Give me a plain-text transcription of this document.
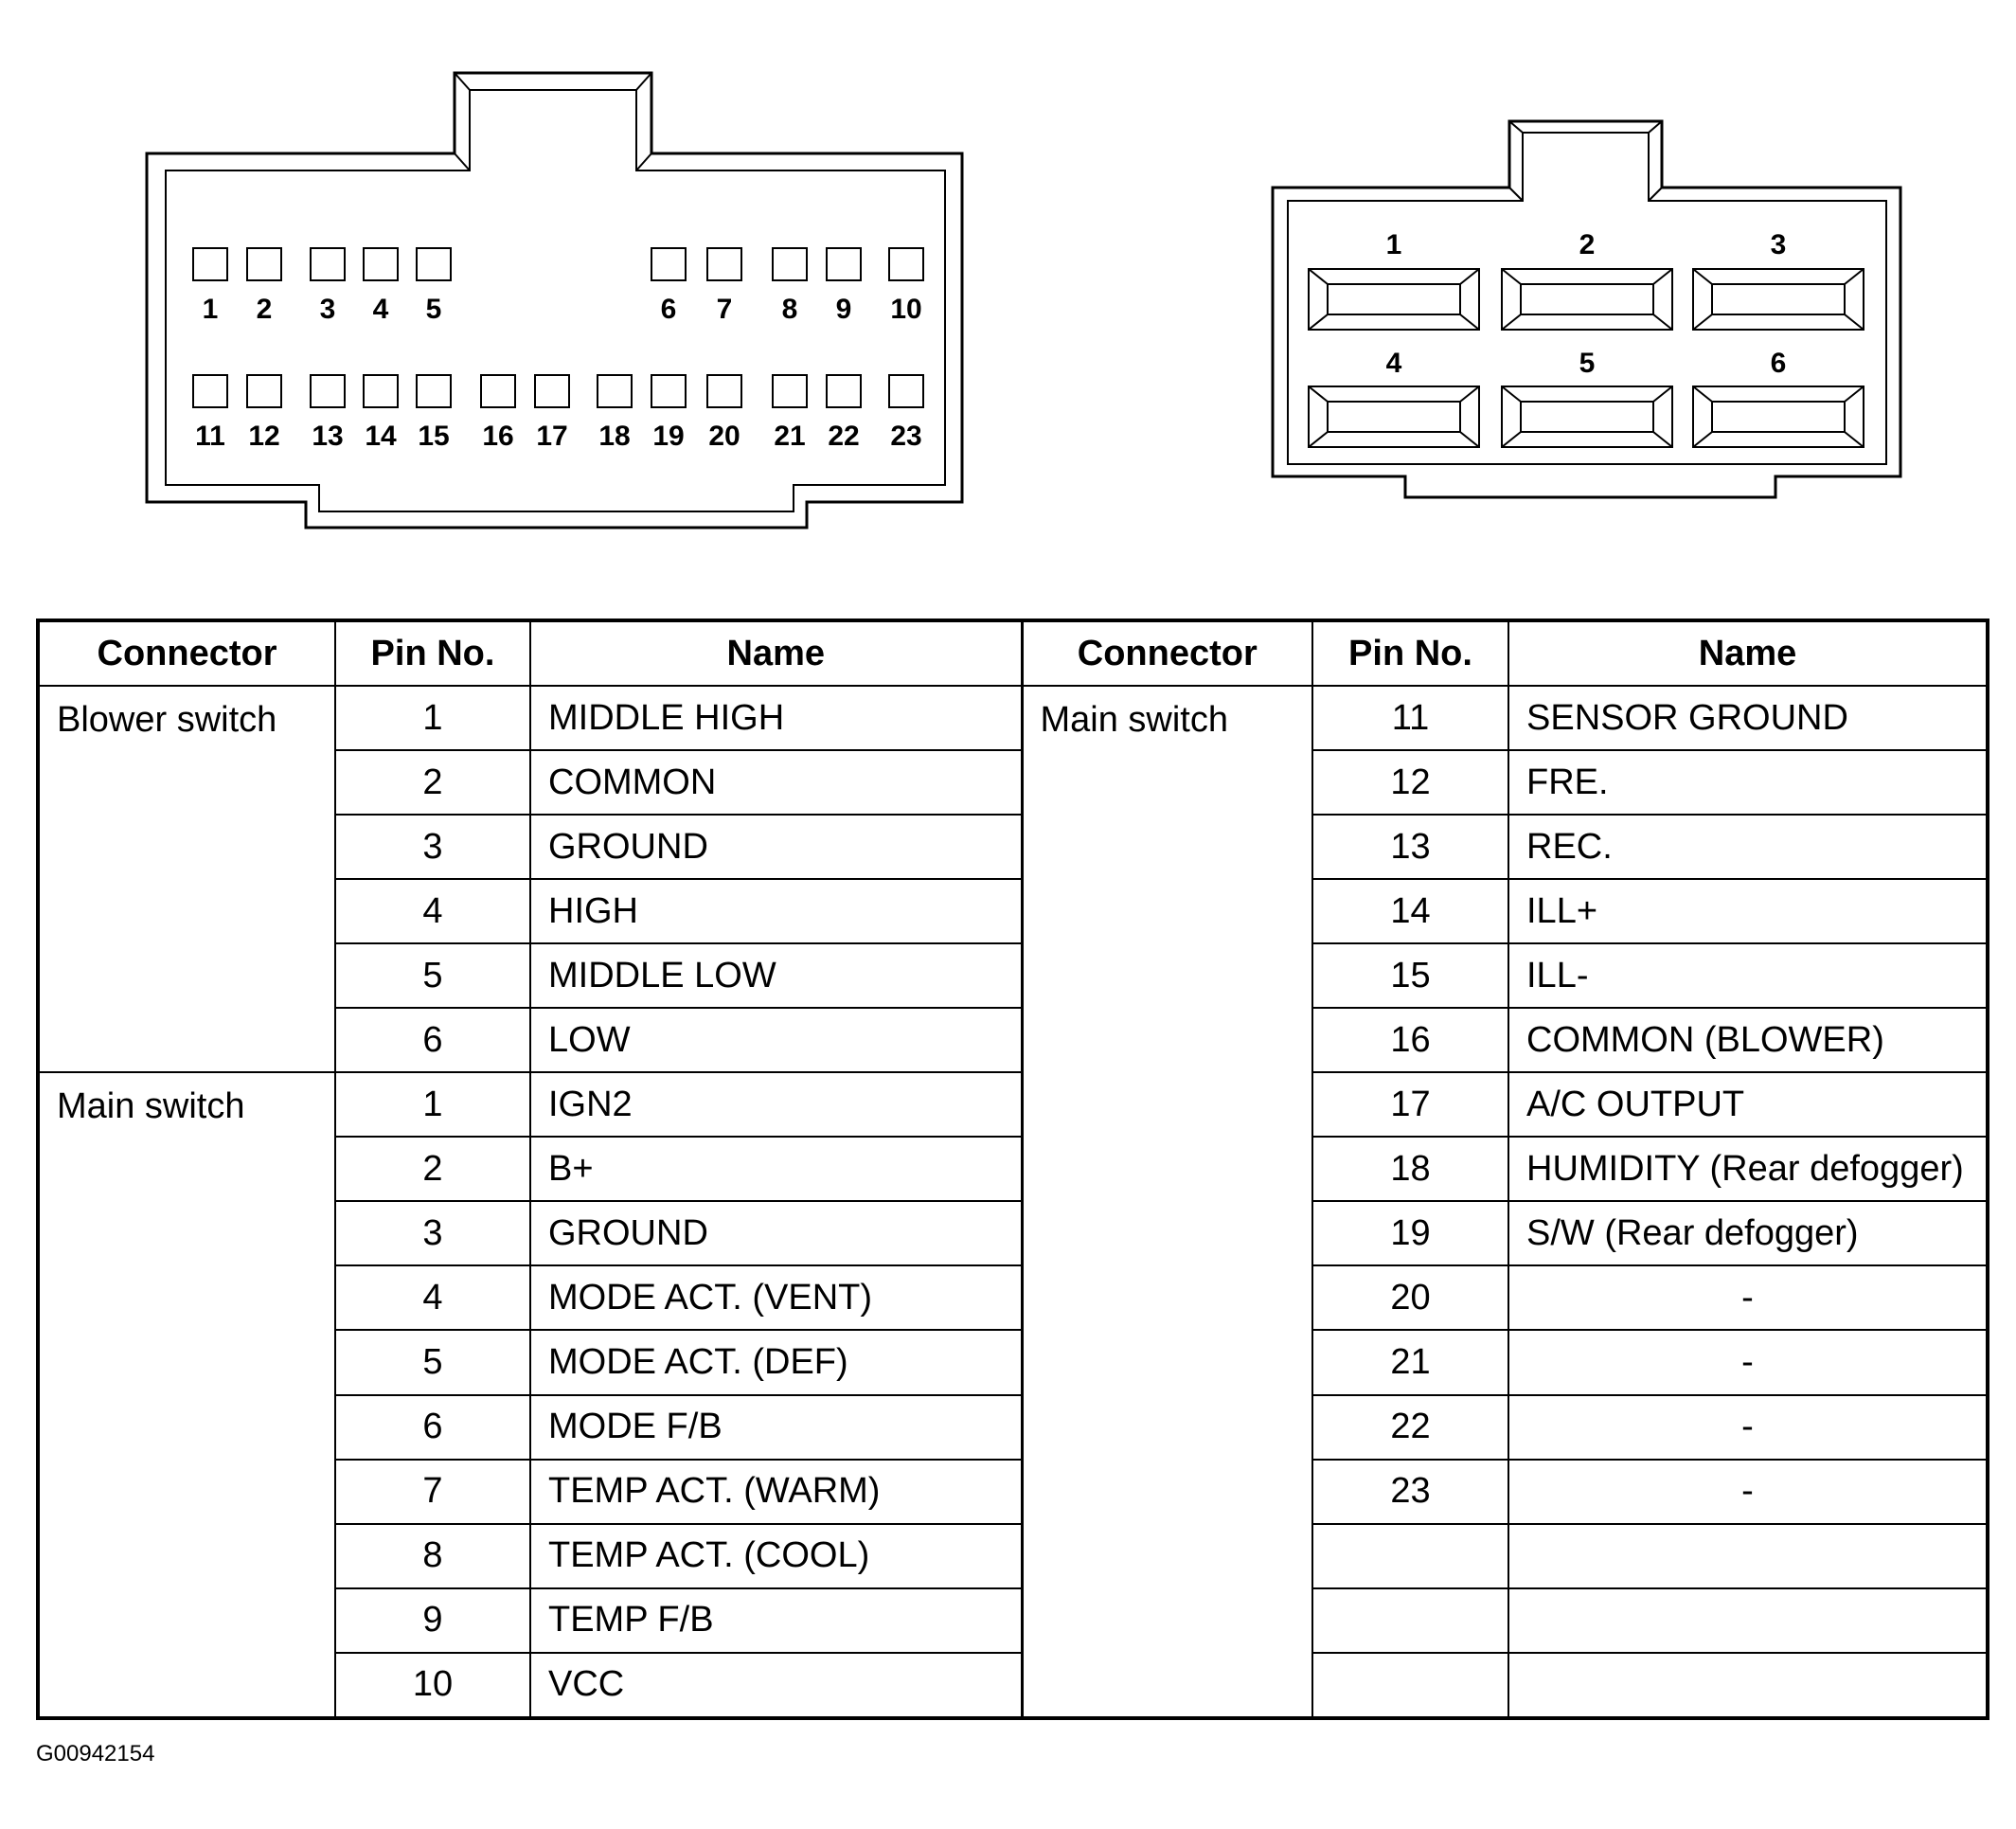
1 2 3 4 5	6 7 8 9 10
11 12 13 14 15 16 17 18 19 20 21 22 23
1	2	3
4	5	6
Connector	Pin No.	Name	Connector	Pin No.	Name
Blower switch	1	MIDDLE HIGH	Main switch	11	SENSOR GROUND
	2	COMMON		12	FRE.
	3	GROUND		13	REC.
	4	HIGH		14	ILL+
	5	MIDDLE LOW		15	ILL-
	6	LOW		16	COMMON (BLOWER)
Main switch	1	IGN2		17	A/C OUTPUT
	2	B+		18	HUMIDITY (Rear defogger)
	3	GROUND		19	S/W (Rear defogger)
	4	MODE ACT. (VENT)		20	-
	5	MODE ACT. (DEF)		21	-
	6	MODE F/B		22	-
	7	TEMP ACT. (WARM)		23	-
	8	TEMP ACT. (COOL)			
	9	TEMP F/B			
	10	VCC			
G00942154
